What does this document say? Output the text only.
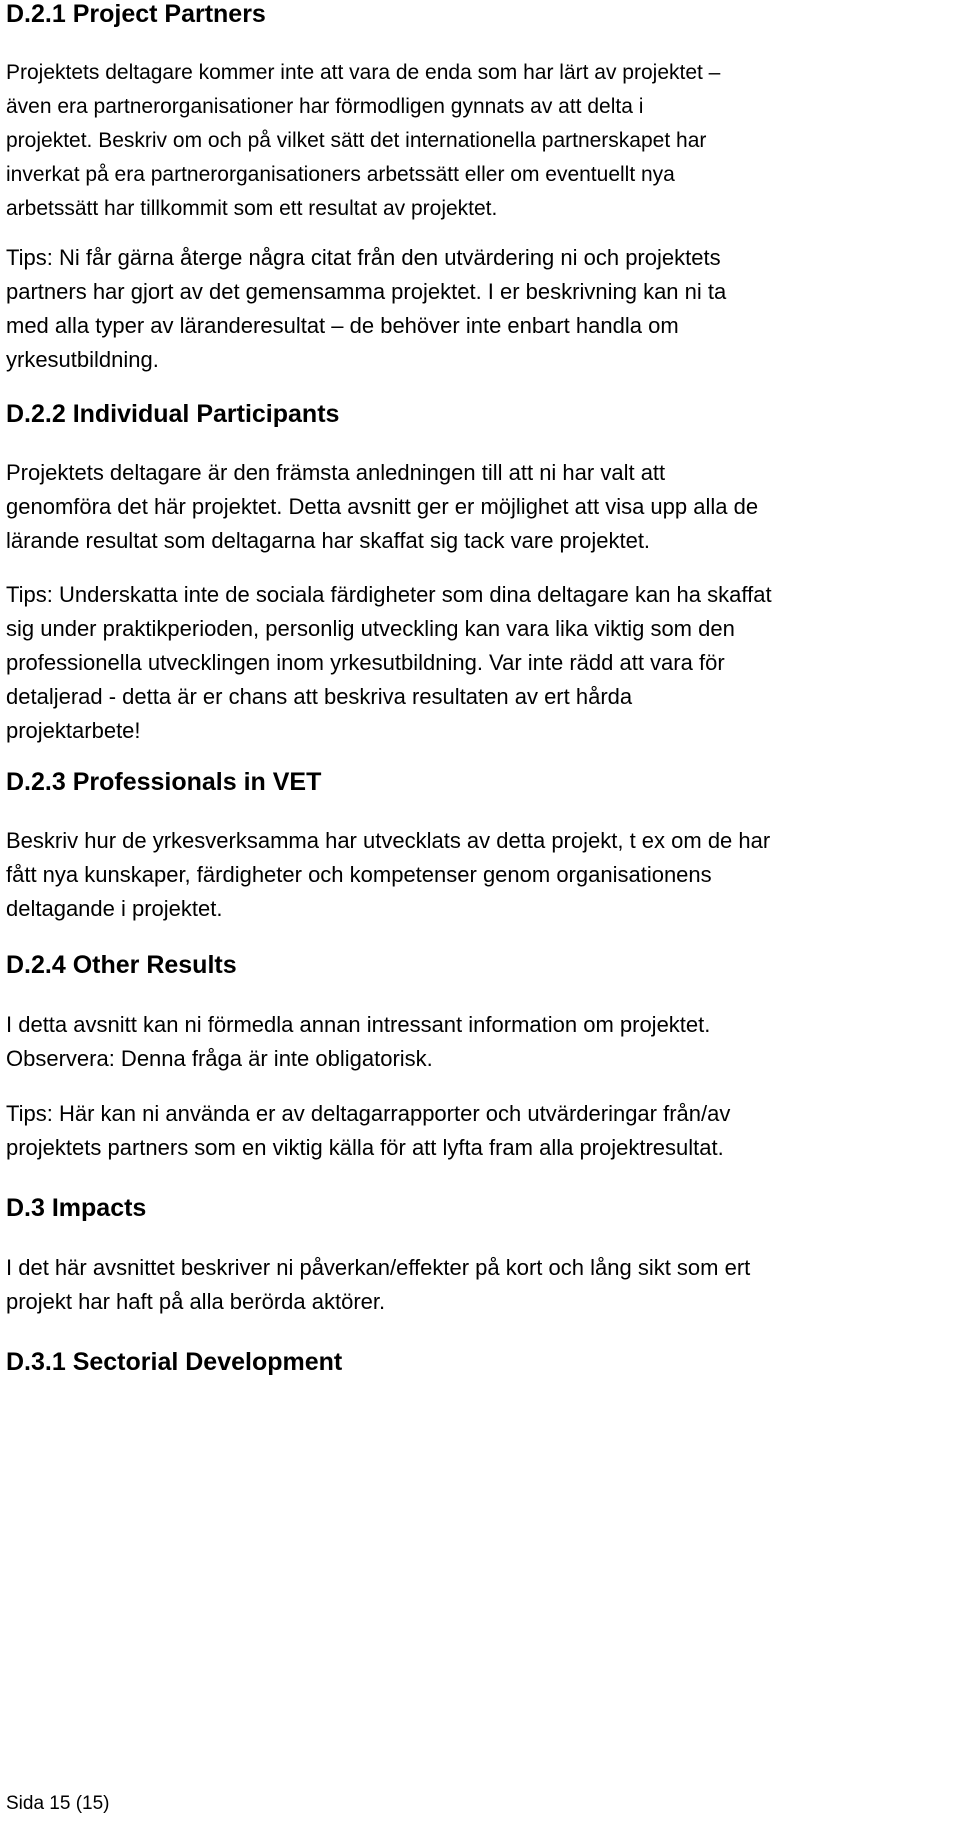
D.2.1 Project Partners

Projektets deltagare kommer inte att vara de enda som har lärt av projektet –
även era partnerorganisationer har förmodligen gynnats av att delta i
projektet. Beskriv om och på vilket sätt det internationella partnerskapet har
inverkat på era partnerorganisationers arbetssätt eller om eventuellt nya
arbetssätt har tillkommit som ett resultat av projektet.

Tips: Ni får gärna återge några citat från den utvärdering ni och projektets
partners har gjort av det gemensamma projektet. I er beskrivning kan ni ta
med alla typer av läranderesultat – de behöver inte enbart handla om
yrkesutbildning.

D.2.2 Individual Participants

Projektets deltagare är den främsta anledningen till att ni har valt att
genomföra det här projektet. Detta avsnitt ger er möjlighet att visa upp alla de
lärande resultat som deltagarna har skaffat sig tack vare projektet.

Tips: Underskatta inte de sociala färdigheter som dina deltagare kan ha skaffat
sig under praktikperioden, personlig utveckling kan vara lika viktig som den
professionella utvecklingen inom yrkesutbildning. Var inte rädd att vara för
detaljerad - detta är er chans att beskriva resultaten av ert hårda
projektarbete!

D.2.3 Professionals in VET

Beskriv hur de yrkesverksamma har utvecklats av detta projekt, t ex om de har
fått nya kunskaper, färdigheter och kompetenser genom organisationens
deltagande i projektet.

D.2.4 Other Results

I detta avsnitt kan ni förmedla annan intressant information om projektet.
Observera: Denna fråga är inte obligatorisk.

Tips: Här kan ni använda er av deltagarrapporter och utvärderingar från/av
projektets partners som en viktig källa för att lyfta fram alla projektresultat.

D.3 Impacts

I det här avsnittet beskriver ni påverkan/effekter på kort och lång sikt som ert
projekt har haft på alla berörda aktörer.

D.3.1 Sectorial Development
Sida 15 (15)
